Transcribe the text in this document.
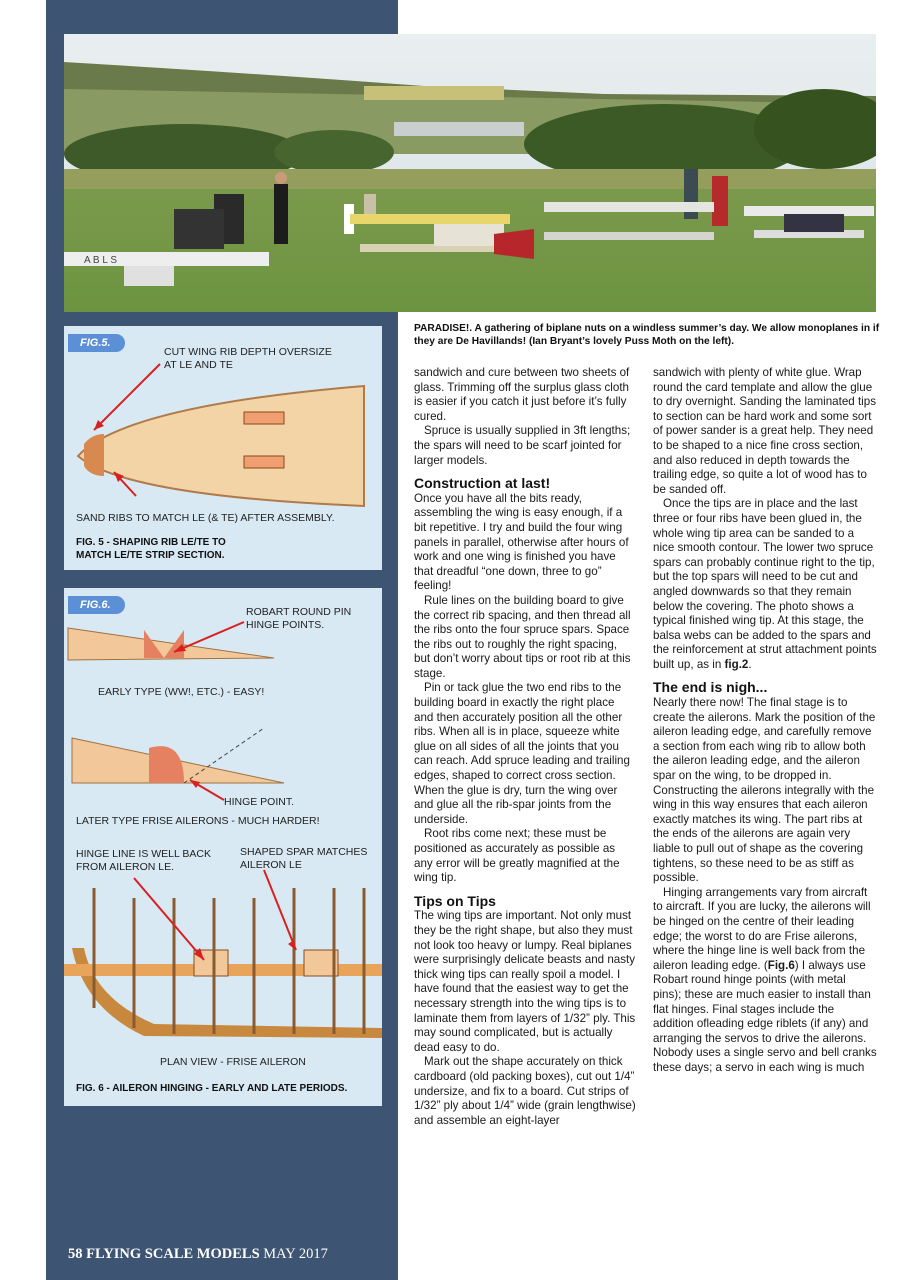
A B L S
PARADISE!. A gathering of biplane nuts on a windless summer’s day. We allow monoplanes in if they are De Havillands! (Ian Bryant’s lovely Puss Moth on the left).
FIG.5.
CUT WING RIB DEPTH OVERSIZE
AT LE AND TE
SAND RIBS TO MATCH LE (& TE) AFTER ASSEMBLY.
FIG. 5 - SHAPING RIB LE/TE TO
MATCH LE/TE STRIP SECTION.
FIG.6.
ROBART ROUND PIN
HINGE POINTS.
EARLY TYPE (WW!, ETC.) - EASY!
HINGE POINT.
LATER TYPE FRISE AILERONS - MUCH HARDER!
HINGE LINE IS WELL BACK
FROM AILERON LE.
SHAPED SPAR MATCHES
AILERON LE
PLAN VIEW - FRISE AILERON
FIG. 6 - AILERON HINGING - EARLY AND LATE PERIODS.

sandwich and cure between two sheets of glass. Trimming off the surplus glass cloth is easier if you catch it just before it’s fully cured.

Spruce is usually supplied in 3ft lengths; the spars will need to be scarf jointed for larger models.

Construction at last!

Once you have all the bits ready, assembling the wing is easy enough, if a bit repetitive. I try and build the four wing panels in parallel, otherwise after hours of work and one wing is finished you have that dreadful “one down, three to go” feeling!

Rule lines on the building board to give the correct rib spacing, and then thread all the ribs onto the four spruce spars. Space the ribs out to roughly the right spacing, but don’t worry about tips or root rib at this stage.

Pin or tack glue the two end ribs to the building board in exactly the right place and then accurately position all the other ribs. When all is in place, squeeze white glue on all sides of all the joints that you can reach. Add spruce leading and trailing edges, shaped to correct cross section. When the glue is dry, turn the wing over and glue all the rib-spar joints from the underside.

Root ribs come next; these must be positioned as accurately as possible as any error will be greatly magnified at the wing tip.

Tips on Tips

The wing tips are important. Not only must they be the right shape, but also they must not look too heavy or lumpy. Real biplanes were surprisingly delicate beasts and nasty thick wing tips can really spoil a model. I have found that the easiest way to get the necessary strength into the wing tips is to laminate them from layers of 1/32” ply. This may sound complicated, but is actually dead easy to do.

Mark out the shape accurately on thick cardboard (old packing boxes), cut out 1/4” undersize, and fix to a board. Cut strips of 1/32” ply about 1/4” wide (grain lengthwise) and assemble an eight-layer

sandwich with plenty of white glue. Wrap round the card template and allow the glue to dry overnight. Sanding the laminated tips to section can be hard work and some sort of power sander is a great help. They need to be shaped to a nice fine cross section, and also reduced in depth towards the trailing edge, so quite a lot of wood has to be sanded off.

Once the tips are in place and the last three or four ribs have been glued in, the whole wing tip area can be sanded to a nice smooth contour. The lower two spruce spars can probably continue right to the tip, but the top spars will need to be cut and angled downwards so that they remain below the covering. The photo shows a typical finished wing tip. At this stage, the balsa webs can be added to the spars and the reinforcement at strut attachment points built up, as in fig.2.

The end is nigh...

Nearly there now! The final stage is to create the ailerons. Mark the position of the aileron leading edge, and carefully remove a section from each wing rib to allow both the aileron leading edge, and the aileron spar on the wing, to be dropped in. Constructing the ailerons integrally with the wing in this way ensures that each aileron exactly matches its wing. The part ribs at the ends of the ailerons are again very liable to pull out of shape as the covering tightens, so these need to be as stiff as possible.

Hinging arrangements vary from aircraft to aircraft. If you are lucky, the ailerons will be hinged on the centre of their leading edge; the worst to do are Frise ailerons, where the hinge line is well back from the aileron leading edge. (Fig.6) I always use Robart round hinge points (with metal pins); these are much easier to install than flat hinges. Final stages include the addition ofleading edge riblets (if any) and arranging the servos to drive the ailerons. Nobody uses a single servo and bell cranks these days; a servo in each wing is much

58 FLYING SCALE MODELS MAY 2017
